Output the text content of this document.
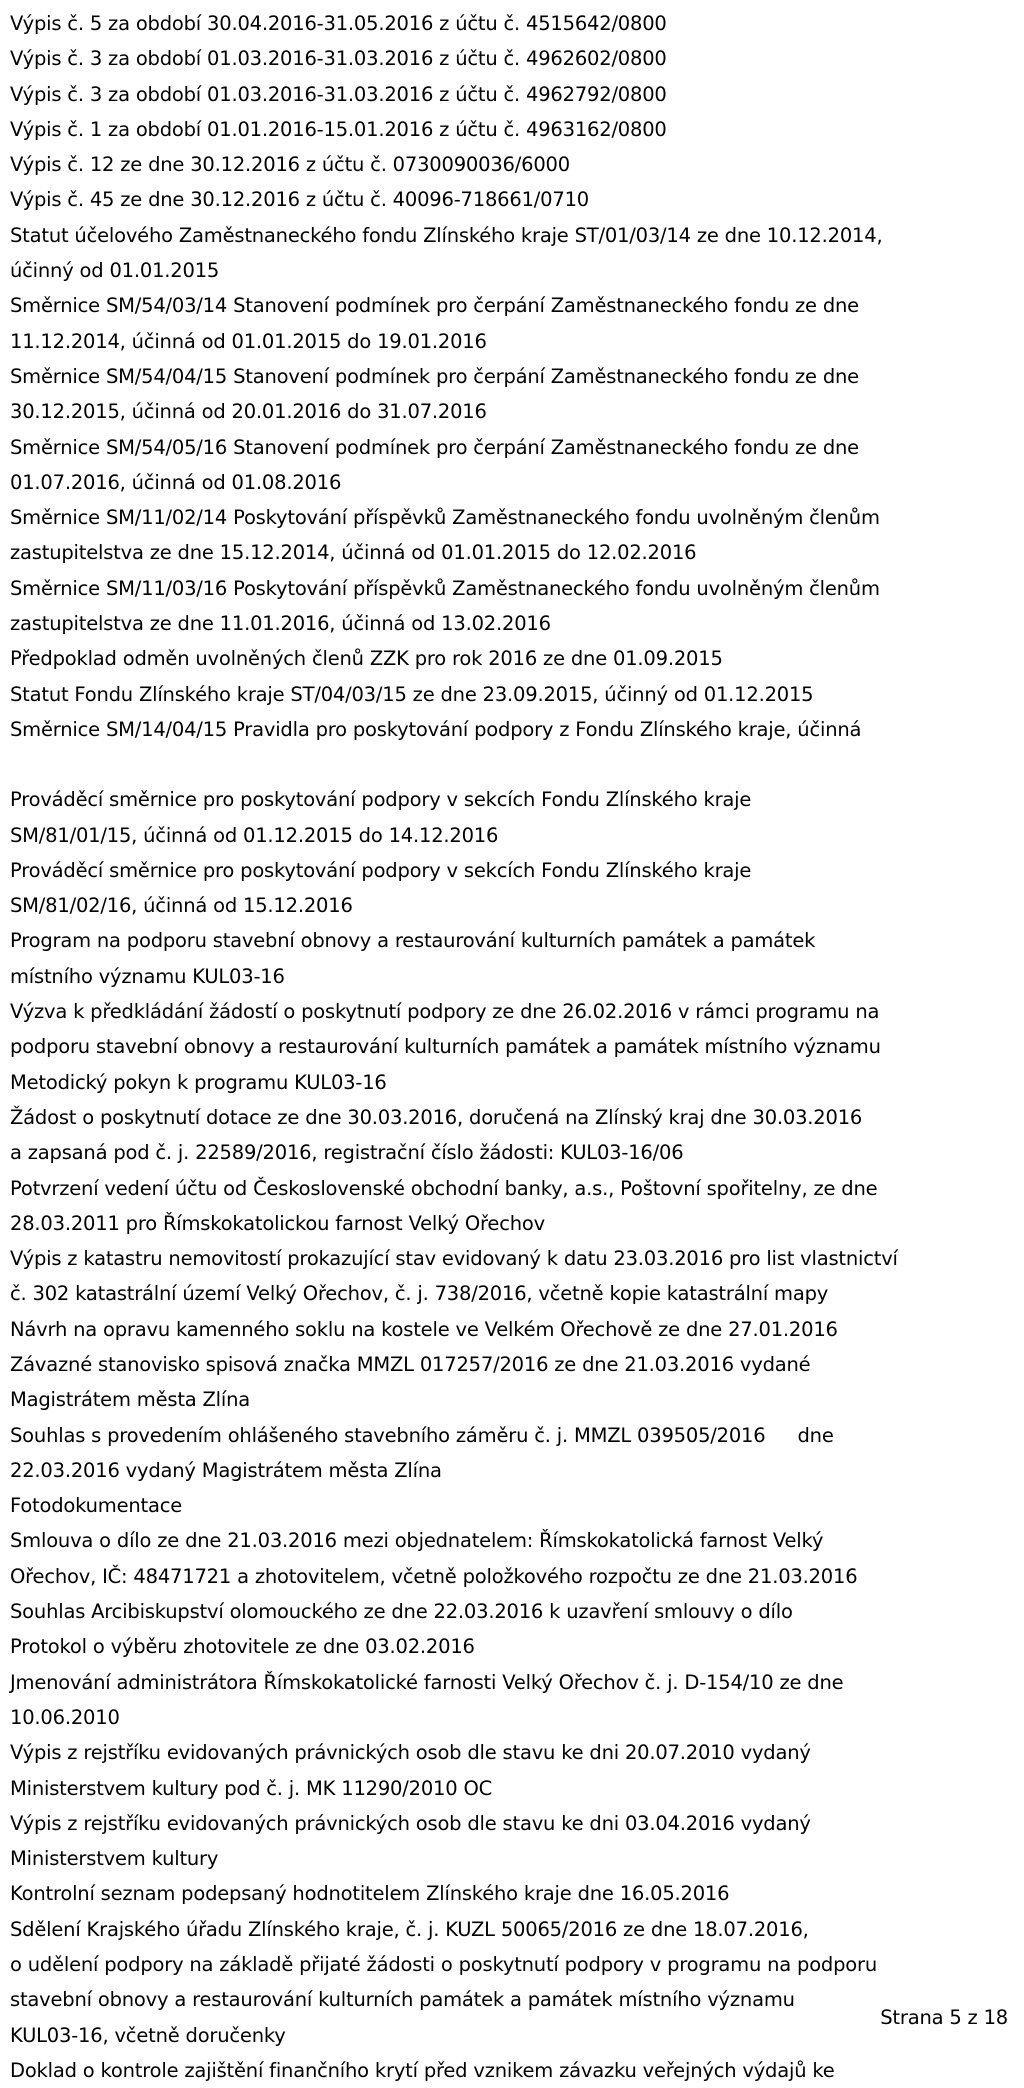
Výpis č. 5 za období 30.04.2016-31.05.2016 z účtu č. 4515642/0800
Výpis č. 3 za období 01.03.2016-31.03.2016 z účtu č. 4962602/0800
Výpis č. 3 za období 01.03.2016-31.03.2016 z účtu č. 4962792/0800
Výpis č. 1 za období 01.01.2016-15.01.2016 z účtu č. 4963162/0800
Výpis č. 12 ze dne 30.12.2016 z účtu č. 0730090036/6000
Výpis č. 45 ze dne 30.12.2016 z účtu č. 40096-718661/0710
Statut účelového Zaměstnaneckého fondu Zlínského kraje ST/01/03/14 ze dne 10.12.2014,
účinný od 01.01.2015
Směrnice SM/54/03/14 Stanovení podmínek pro čerpání Zaměstnaneckého fondu ze dne
11.12.2014, účinná od 01.01.2015 do 19.01.2016
Směrnice SM/54/04/15 Stanovení podmínek pro čerpání Zaměstnaneckého fondu ze dne
30.12.2015, účinná od 20.01.2016 do 31.07.2016
Směrnice SM/54/05/16 Stanovení podmínek pro čerpání Zaměstnaneckého fondu ze dne
01.07.2016, účinná od 01.08.2016
Směrnice SM/11/02/14 Poskytování příspěvků Zaměstnaneckého fondu uvolněným členům
zastupitelstva ze dne 15.12.2014, účinná od 01.01.2015 do 12.02.2016
Směrnice SM/11/03/16 Poskytování příspěvků Zaměstnaneckého fondu uvolněným členům
zastupitelstva ze dne 11.01.2016, účinná od 13.02.2016
Předpoklad odměn uvolněných členů ZZK pro rok 2016 ze dne 01.09.2015
Statut Fondu Zlínského kraje ST/04/03/15 ze dne 23.09.2015, účinný od 01.12.2015
Směrnice SM/14/04/15 Pravidla pro poskytování podpory z Fondu Zlínského kraje, účinná
Prováděcí směrnice pro poskytování podpory v sekcích Fondu Zlínského kraje
SM/81/01/15, účinná od 01.12.2015 do 14.12.2016
Prováděcí směrnice pro poskytování podpory v sekcích Fondu Zlínského kraje
SM/81/02/16, účinná od 15.12.2016
Program na podporu stavební obnovy a restaurování kulturních památek a památek
místního významu KUL03-16
Výzva k předkládání žádostí o poskytnutí podpory ze dne 26.02.2016 v rámci programu na
podporu stavební obnovy a restaurování kulturních památek a památek místního významu
Metodický pokyn k programu KUL03-16
Žádost o poskytnutí dotace ze dne 30.03.2016, doručená na Zlínský kraj dne 30.03.2016
a zapsaná pod č. j. 22589/2016, registrační číslo žádosti: KUL03-16/06
Potvrzení vedení účtu od Československé obchodní banky, a.s., Poštovní spořitelny, ze dne
28.03.2011 pro Římskokatolickou farnost Velký Ořechov
Výpis z katastru nemovitostí prokazující stav evidovaný k datu 23.03.2016 pro list vlastnictví
č. 302 katastrální území Velký Ořechov, č. j. 738/2016, včetně kopie katastrální mapy
Návrh na opravu kamenného soklu na kostele ve Velkém Ořechově ze dne 27.01.2016
Závazné stanovisko spisová značka MMZL 017257/2016 ze dne 21.03.2016 vydané
Magistrátem města Zlína
Souhlas s provedením ohlášeného stavebního záměru č. j. MMZL 039505/2016 dne
22.03.2016 vydaný Magistrátem města Zlína
Fotodokumentace
Smlouva o dílo ze dne 21.03.2016 mezi objednatelem: Římskokatolická farnost Velký
Ořechov, IČ: 48471721 a zhotovitelem, včetně položkového rozpočtu ze dne 21.03.2016
Souhlas Arcibiskupství olomouckého ze dne 22.03.2016 k uzavření smlouvy o dílo
Protokol o výběru zhotovitele ze dne 03.02.2016
Jmenování administrátora Římskokatolické farnosti Velký Ořechov č. j. D-154/10 ze dne
10.06.2010
Výpis z rejstříku evidovaných právnických osob dle stavu ke dni 20.07.2010 vydaný
Ministerstvem kultury pod č. j. MK 11290/2010 OC
Výpis z rejstříku evidovaných právnických osob dle stavu ke dni 03.04.2016 vydaný
Ministerstvem kultury
Kontrolní seznam podepsaný hodnotitelem Zlínského kraje dne 16.05.2016
Sdělení Krajského úřadu Zlínského kraje, č. j. KUZL 50065/2016 ze dne 18.07.2016,
o udělení podpory na základě přijaté žádosti o poskytnutí podpory v programu na podporu
stavební obnovy a restaurování kulturních památek a památek místního významu
KUL03-16, včetně doručenky
Doklad o kontrole zajištění finančního krytí před vznikem závazku veřejných výdajů ke
Strana 5 z 18
